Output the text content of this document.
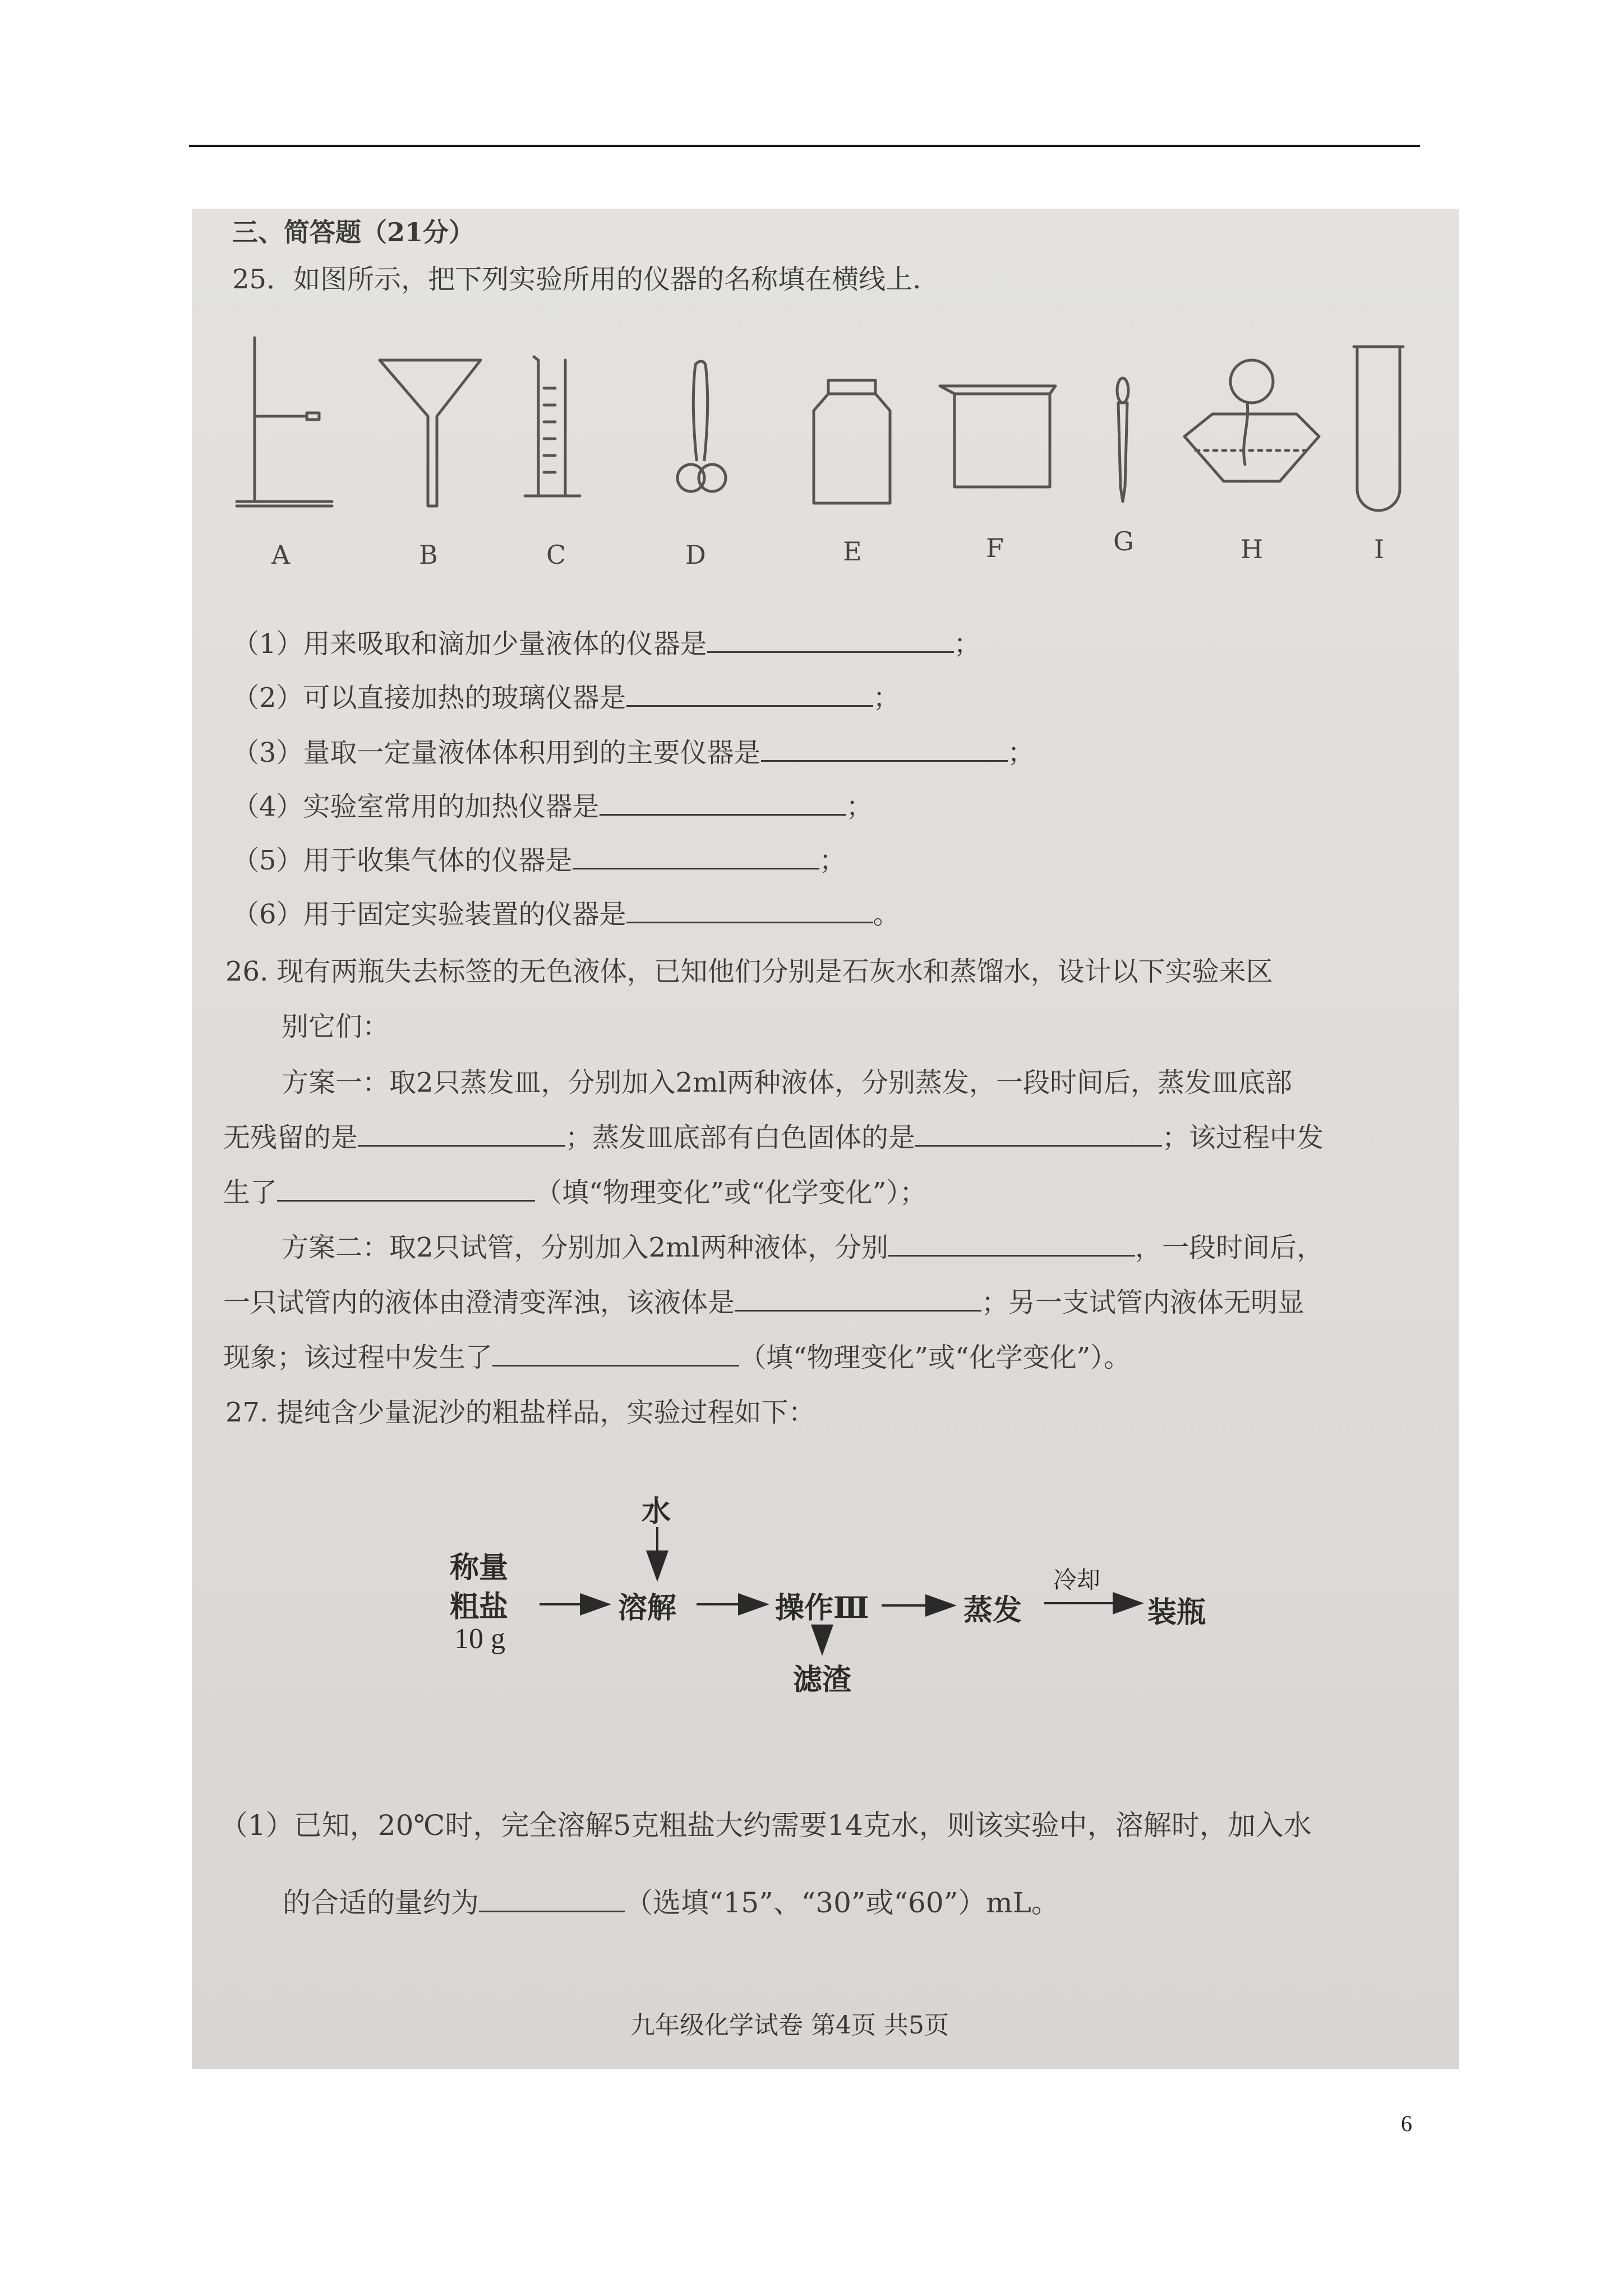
三、简答题（21分）
25．如图所示，把下列实验所用的仪器的名称填在横线上.
A	B	C	D	E	F	G	H	I
（1）用来吸取和滴加少量液体的仪器是	；
（2）可以直接加热的玻璃仪器是	；
（3）量取一定量液体体积用到的主要仪器是	；
（4）实验室常用的加热仪器是	；
（5）用于收集气体的仪器是	；
（6）用于固定实验装置的仪器是	。
26. 现有两瓶失去标签的无色液体，已知他们分别是石灰水和蒸馏水，设计以下实验来区
别它们：
方案一：取2只蒸发皿，分别加入2ml两种液体，分别蒸发，一段时间后，蒸发皿底部
无残留的是	；蒸发皿底部有白色固体的是	；该过程中发
生了	（填“物理变化”或“化学变化”）；
方案二：取2只试管，分别加入2ml两种液体，分别	，一段时间后，
一只试管内的液体由澄清变浑浊，该液体是	；另一支试管内液体无明显
现象；该过程中发生了	（填“物理变化”或“化学变化”）。
27. 提纯含少量泥沙的粗盐样品，实验过程如下：
称量
粗盐
10 g
水
溶解	操作Ⅲ	蒸发
冷却
装瓶
滤渣
（1）已知，20℃时，完全溶解5克粗盐大约需要14克水，则该实验中，溶解时，加入水
的合适的量约为	（选填“15”、“30”或“60”）mL。
九年级化学试卷 第4页 共5页
6
